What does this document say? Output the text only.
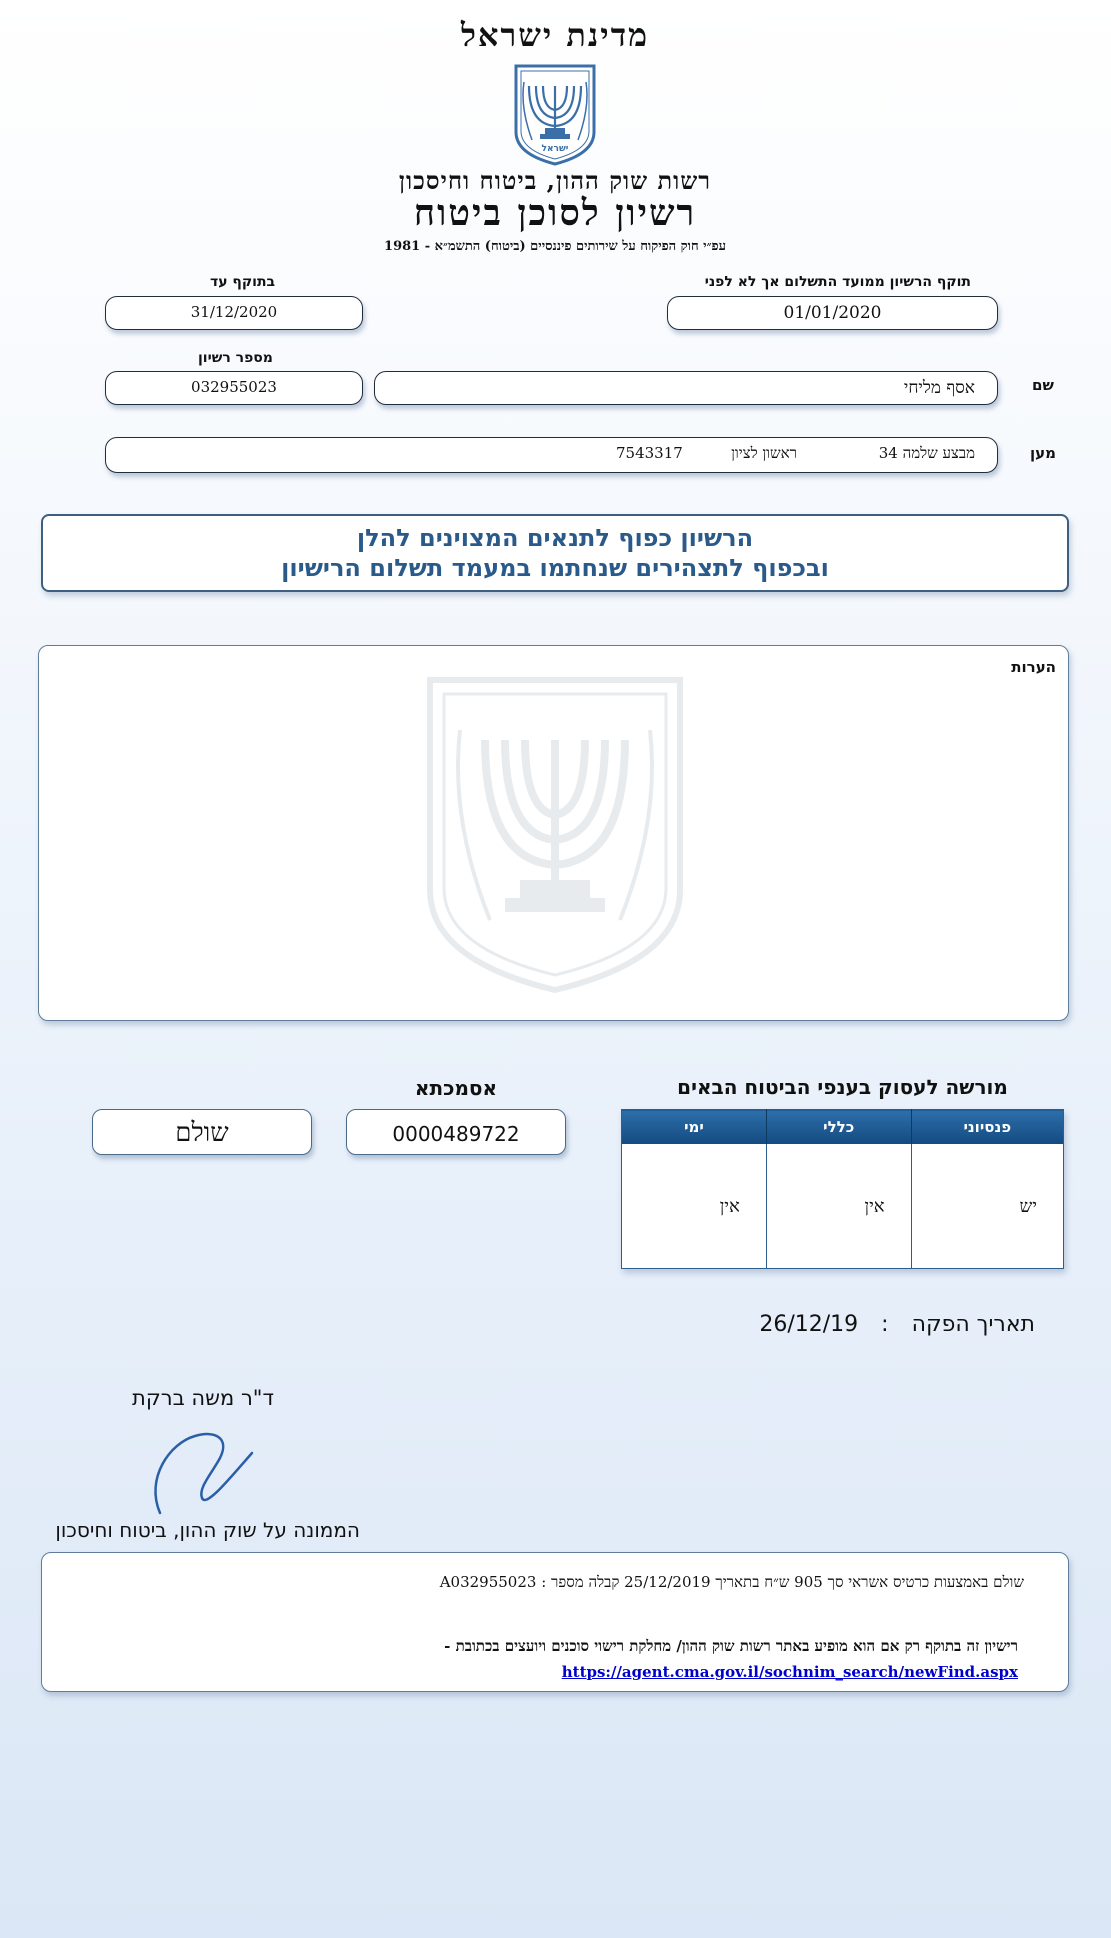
מדינת ישראל
ישראל
רשות שוק ההון, ביטוח וחיסכון
רשיון לסוכן ביטוח
עפ״י חוק הפיקוח על שירותים פיננסיים (ביטוח) התשמ״א - 1981
תוקף הרשיון ממועד התשלום אך לא לפני
01/01/2020
בתוקף עד
31/12/2020
מספר רשיון
032955023	אסף מליחי	שם
מבצע שלמה 34
ראשון לציון
7543317	מען
הרשיון כפוף לתנאים המצוינים להלן
ובכפוף לתצהירים שנחתמו במעמד תשלום הרישיון
הערות
מורשה לעסוק בענפי הביטוח הבאים
פנסיוני	כללי	ימי
יש	אין	אין
אסמכתא
0000489722
שולם
תאריך הפקה : 26/12/19
ד"ר משה ברקת
הממונה על שוק ההון, ביטוח וחיסכון
שולם באמצעות כרטיס אשראי סך 905 ש״ח בתאריך 25/12/2019 קבלה מספר : A032955023
רישיון זה בתוקף רק אם הוא מופיע באתר רשות שוק ההון/ מחלקת רישוי סוכנים ויועצים בכתובת -
https://agent.cma.gov.il/sochnim_search/newFind.aspx
